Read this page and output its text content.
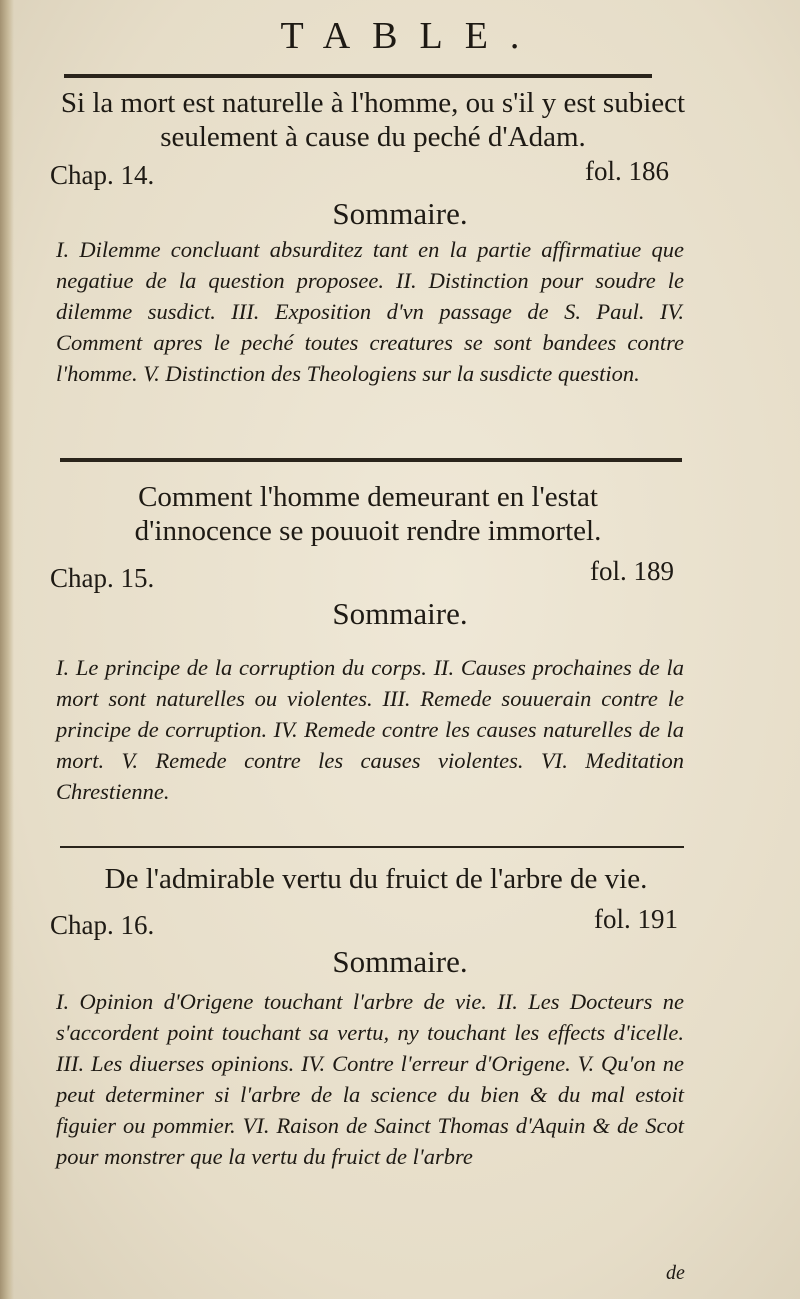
TABLE.
Si la mort est naturelle à l'homme, ou s'il y est subiect seulement à cause du peché d'Adam.
Chap. 14.	fol. 186
Sommaire.
I. Dilemme concluant absurditez tant en la partie affirmatiue que negatiue de la question proposee. II. Distinction pour soudre le dilemme susdict. III. Exposition d'vn passage de S. Paul. IV. Comment apres le peché toutes creatures se sont bandees contre l'homme. V. Distinction des Theologiens sur la susdicte question.
Comment l'homme demeurant en l'estat d'innocence se pouuoit rendre immortel.
Chap. 15.	fol. 189
Sommaire.
I. Le principe de la corruption du corps. II. Causes prochaines de la mort sont naturelles ou violentes. III. Remede souuerain contre le principe de corruption. IV. Remede contre les causes naturelles de la mort. V. Remede contre les causes violentes. VI. Meditation Chrestienne.
De l'admirable vertu du fruict de l'arbre de vie.
Chap. 16.	fol. 191
Sommaire.
I. Opinion d'Origene touchant l'arbre de vie. II. Les Docteurs ne s'accordent point touchant sa vertu, ny touchant les effects d'icelle. III. Les diuerses opinions. IV. Contre l'erreur d'Origene. V. Qu'on ne peut determiner si l'arbre de la science du bien & du mal estoit figuier ou pommier. VI. Raison de Sainct Thomas d'Aquin & de Scot pour monstrer que la vertu du fruict de l'arbre
de
